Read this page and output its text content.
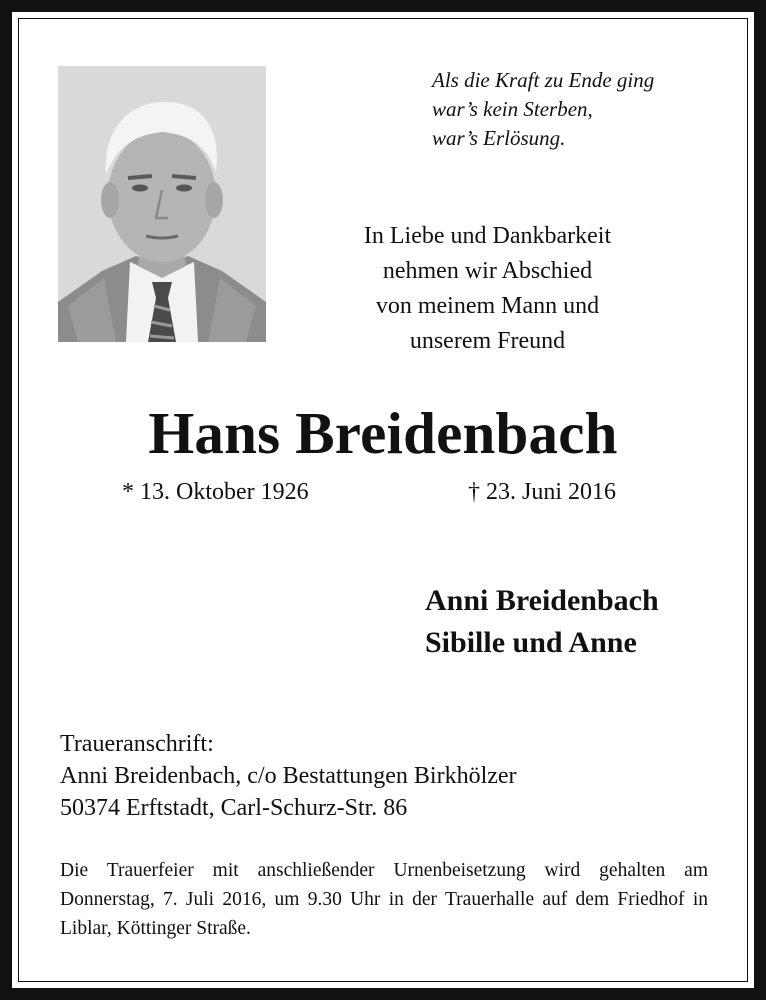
Als die Kraft zu Ende ging
war’s kein Sterben,
war’s Erlösung.

In Liebe und Dankbarkeit
nehmen wir Abschied
von meinem Mann und
unserem Freund

Hans Breidenbach
* 13. Oktober 1926	† 23. Juni 2016

Anni Breidenbach
Sibille und Anne

Traueranschrift:
Anni Breidenbach, c/o Bestattungen Birkhölzer
50374 Erftstadt, Carl-Schurz-Str. 86

Die Trauerfeier mit anschließender Urnenbeisetzung wird gehalten am Donnerstag, 7. Juli 2016, um 9.30 Uhr in der Trauerhalle auf dem Friedhof in Liblar, Köttinger Straße.
